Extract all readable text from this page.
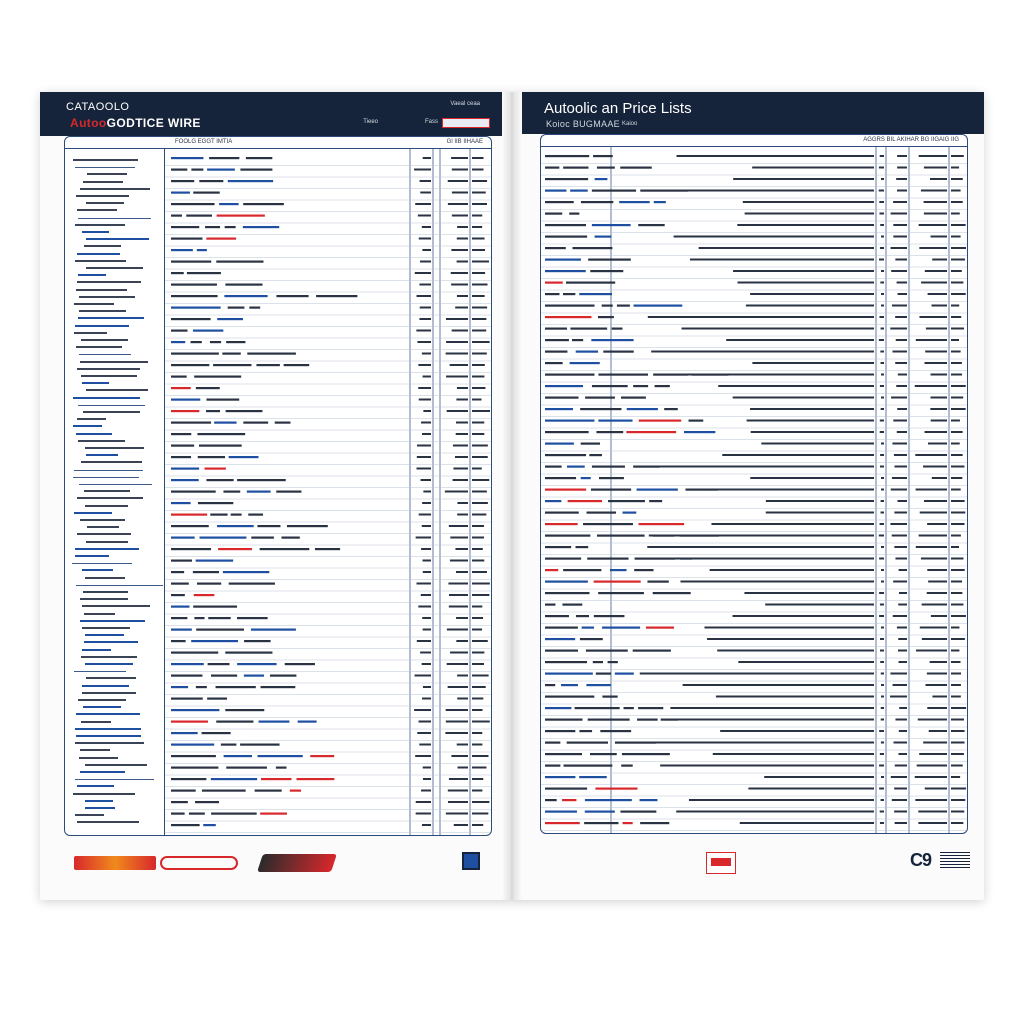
CATAOOLO
AutooGODTICE WIRE
Vaeal ceaa
Tieeo	Fass
FOOLG EGGT IMTIA	Gl IIB IIHAAE
Autoolic an Price Lists
Koioc BUGMAAE Kaioo
AGGRS BIL AKIHAR BG IIGAIG IIG
C9
